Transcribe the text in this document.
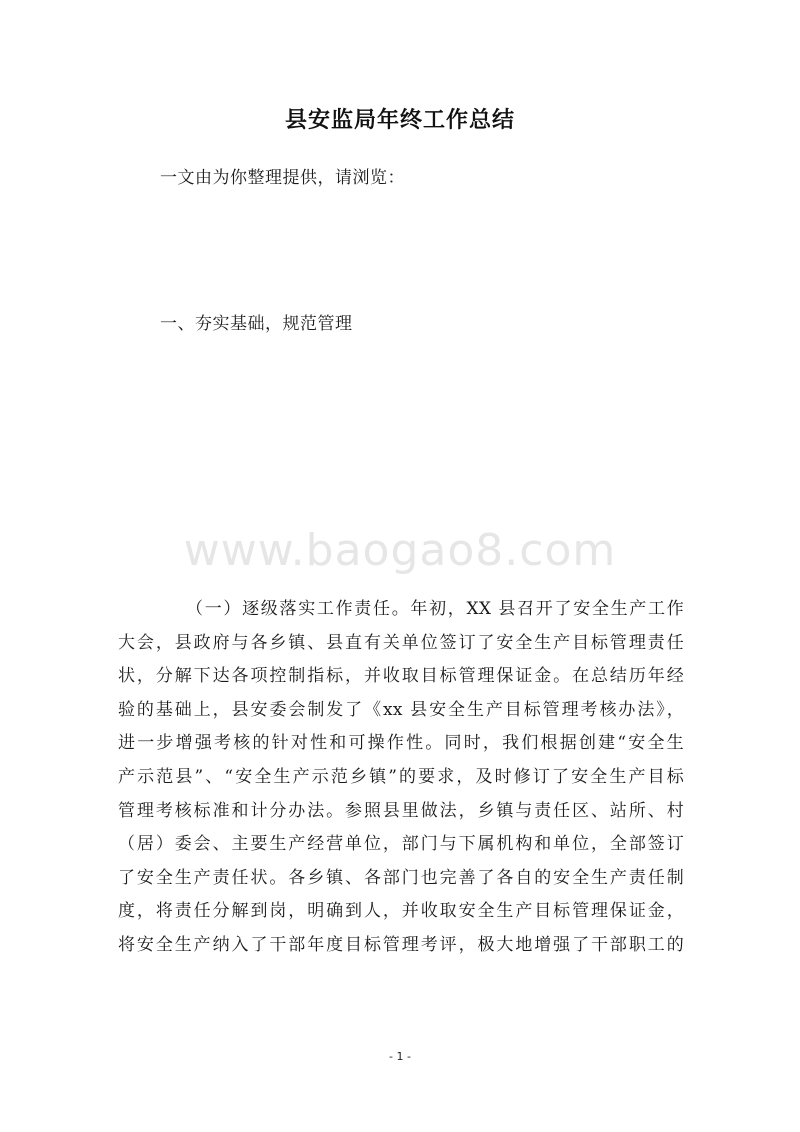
县安监局年终工作总结
一文由为你整理提供，请浏览：
一、夯实基础，规范管理
www.baogao8.com
（一）逐级落实工作责任。年初，XX 县召开了安全生产工作
大会，县政府与各乡镇、县直有关单位签订了安全生产目标管理责任
状，分解下达各项控制指标，并收取目标管理保证金。在总结历年经
验的基础上，县安委会制发了《xx 县安全生产目标管理考核办法》，
进一步增强考核的针对性和可操作性。同时，我们根据创建“安全生
产示范县”、“安全生产示范乡镇”的要求，及时修订了安全生产目标
管理考核标准和计分办法。参照县里做法，乡镇与责任区、站所、村
（居）委会、主要生产经营单位，部门与下属机构和单位，全部签订
了安全生产责任状。各乡镇、各部门也完善了各自的安全生产责任制
度，将责任分解到岗，明确到人，并收取安全生产目标管理保证金，
将安全生产纳入了干部年度目标管理考评，极大地增强了干部职工的
- 1 -
